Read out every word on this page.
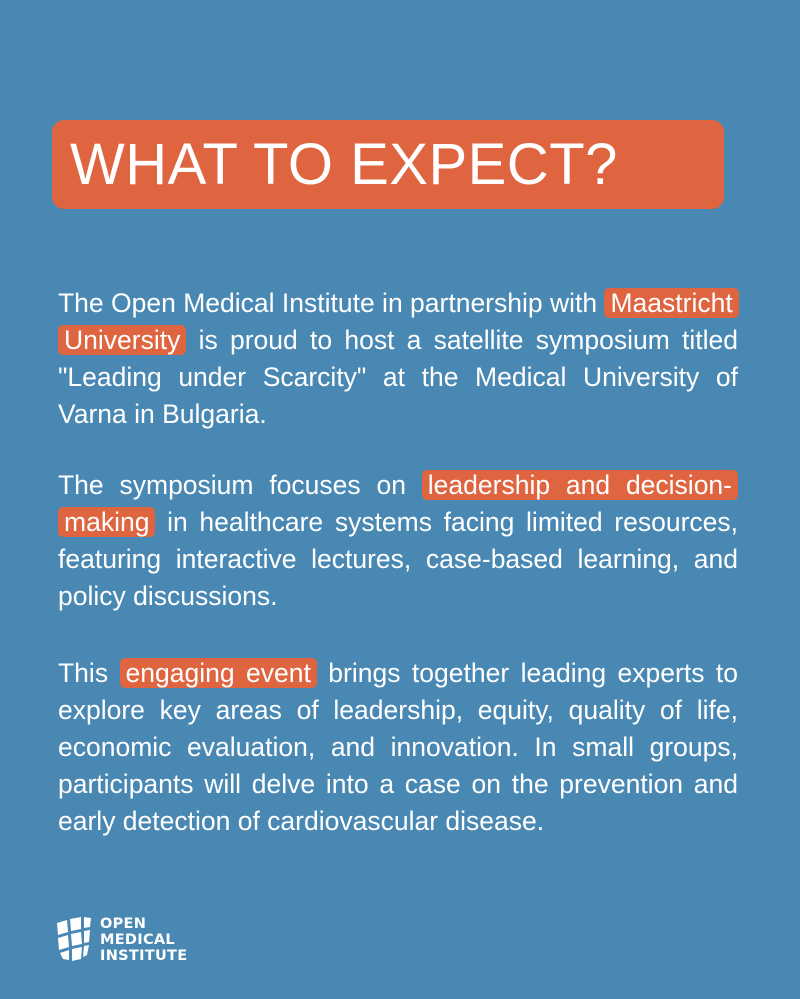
WHAT TO EXPECT?

The Open Medical Institute in partnership with Maastricht University is proud to host a satellite symposium titled "Leading under Scarcity" at the Medical University of Varna in Bulgaria.

The symposium focuses on leadership and decision-making in healthcare systems facing limited resources, featuring interactive lectures, case-based learning, and policy discussions.

This engaging event brings together leading experts to explore key areas of leadership, equity, quality of life, economic evaluation, and innovation. In small groups, participants will delve into a case on the prevention and early detection of cardiovascular disease.

OPEN
MEDICAL
INSTITUTE
